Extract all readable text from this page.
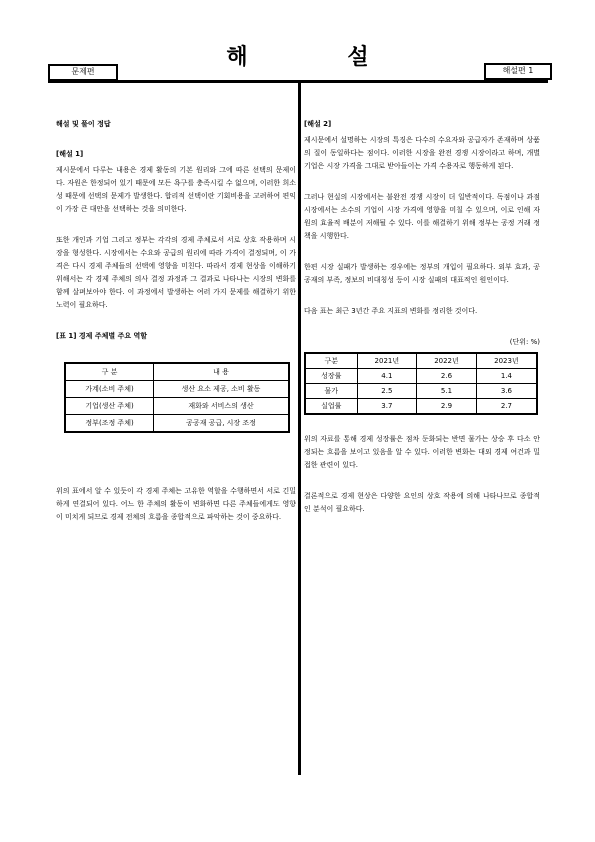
해 설
문제편	해설편 1
해설 및 풀이 정답
[해설 1]
제시문에서 다루는 내용은 경제 활동의 기본 원리와 그에 따른 선택의 문제이다. 자원은 한정되어 있기 때문에 모든 욕구를 충족시킬 수 없으며, 이러한 희소성 때문에 선택의 문제가 발생한다. 합리적 선택이란 기회비용을 고려하여 편익이 가장 큰 대안을 선택하는 것을 의미한다.
또한 개인과 기업 그리고 정부는 각각의 경제 주체로서 서로 상호 작용하며 시장을 형성한다. 시장에서는 수요와 공급의 원리에 따라 가격이 결정되며, 이 가격은 다시 경제 주체들의 선택에 영향을 미친다. 따라서 경제 현상을 이해하기 위해서는 각 경제 주체의 의사 결정 과정과 그 결과로 나타나는 시장의 변화를 함께 살펴보아야 한다. 이 과정에서 발생하는 여러 가지 문제를 해결하기 위한 노력이 필요하다.
[표 1] 경제 주체별 주요 역할
구 분	내 용
가계(소비 주체)	생산 요소 제공, 소비 활동
기업(생산 주체)	재화와 서비스의 생산
정부(조정 주체)	공공재 공급, 시장 조정
위의 표에서 알 수 있듯이 각 경제 주체는 고유한 역할을 수행하면서 서로 긴밀하게 연결되어 있다. 어느 한 주체의 활동이 변화하면 다른 주체들에게도 영향이 미치게 되므로 경제 전체의 흐름을 종합적으로 파악하는 것이 중요하다.
[해설 2]
제시문에서 설명하는 시장의 특징은 다수의 수요자와 공급자가 존재하며 상품의 질이 동일하다는 점이다. 이러한 시장을 완전 경쟁 시장이라고 하며, 개별 기업은 시장 가격을 그대로 받아들이는 가격 수용자로 행동하게 된다.
그러나 현실의 시장에서는 불완전 경쟁 시장이 더 일반적이다. 독점이나 과점 시장에서는 소수의 기업이 시장 가격에 영향을 미칠 수 있으며, 이로 인해 자원의 효율적 배분이 저해될 수 있다. 이를 해결하기 위해 정부는 공정 거래 정책을 시행한다.
한편 시장 실패가 발생하는 경우에는 정부의 개입이 필요하다. 외부 효과, 공공재의 부족, 정보의 비대칭성 등이 시장 실패의 대표적인 원인이다.
다음 표는 최근 3년간 주요 지표의 변화를 정리한 것이다.
(단위: %)
구분	2021년	2022년	2023년
성장률	4.1	2.6	1.4
물가	2.5	5.1	3.6
실업률	3.7	2.9	2.7
위의 자료를 통해 경제 성장률은 점차 둔화되는 반면 물가는 상승 후 다소 안정되는 흐름을 보이고 있음을 알 수 있다. 이러한 변화는 대외 경제 여건과 밀접한 관련이 있다.
결론적으로 경제 현상은 다양한 요인의 상호 작용에 의해 나타나므로 종합적인 분석이 필요하다.
